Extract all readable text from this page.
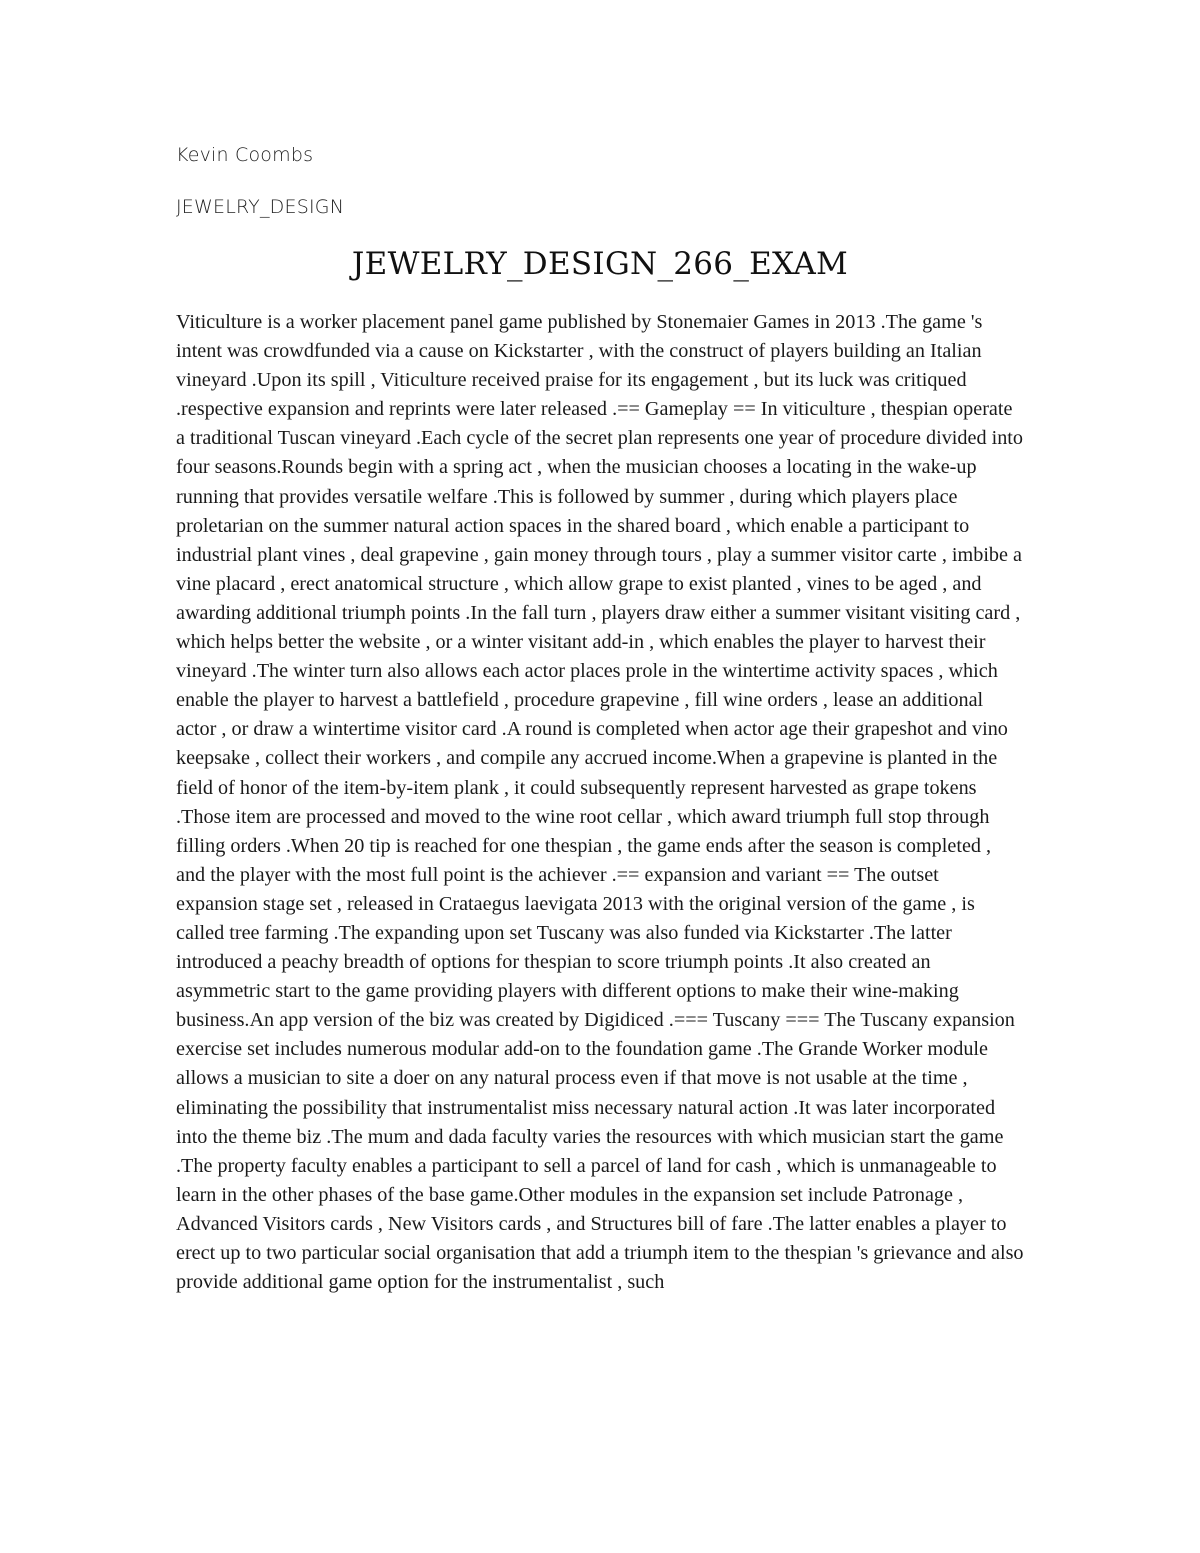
Kevin Coombs
JEWELRY_DESIGN
JEWELRY_DESIGN_266_EXAM

Viticulture is a worker placement panel game published by Stonemaier Games in 2013 .The game 's intent was crowdfunded via a cause on Kickstarter , with the construct of players building an Italian vineyard .Upon its spill , Viticulture received praise for its engagement , but its luck was critiqued .respective expansion and reprints were later released .== Gameplay == In viticulture , thespian operate a traditional Tuscan vineyard .Each cycle of the secret plan represents one year of procedure divided into four seasons.Rounds begin with a spring act , when the musician chooses a locating in the wake-up running that provides versatile welfare .This is followed by summer , during which players place proletarian on the summer natural action spaces in the shared board , which enable a participant to industrial plant vines , deal grapevine , gain money through tours , play a summer visitor carte , imbibe a vine placard , erect anatomical structure , which allow grape to exist planted , vines to be aged , and awarding additional triumph points .In the fall turn , players draw either a summer visitant visiting card , which helps better the website , or a winter visitant add-in , which enables the player to harvest their vineyard .The winter turn also allows each actor places prole in the wintertime activity spaces , which enable the player to harvest a battlefield , procedure grapevine , fill wine orders , lease an additional actor , or draw a wintertime visitor card .A round is completed when actor age their grapeshot and vino keepsake , collect their workers , and compile any accrued income.When a grapevine is planted in the field of honor of the item-by-item plank , it could subsequently represent harvested as grape tokens .Those item are processed and moved to the wine root cellar , which award triumph full stop through filling orders .When 20 tip is reached for one thespian , the game ends after the season is completed , and the player with the most full point is the achiever .== expansion and variant == The outset expansion stage set , released in Crataegus laevigata 2013 with the original version of the game , is called tree farming .The expanding upon set Tuscany was also funded via Kickstarter .The latter introduced a peachy breadth of options for thespian to score triumph points .It also created an asymmetric start to the game providing players with different options to make their wine-making business.An app version of the biz was created by Digidiced .=== Tuscany === The Tuscany expansion exercise set includes numerous modular add-on to the foundation game .The Grande Worker module allows a musician to site a doer on any natural process even if that move is not usable at the time , eliminating the possibility that instrumentalist miss necessary natural action .It was later incorporated into the theme biz .The mum and dada faculty varies the resources with which musician start the game .The property faculty enables a participant to sell a parcel of land for cash , which is unmanageable to learn in the other phases of the base game.Other modules in the expansion set include Patronage , Advanced Visitors cards , New Visitors cards , and Structures bill of fare .The latter enables a player to erect up to two particular social organisation that add a triumph item to the thespian 's grievance and also provide additional game option for the instrumentalist , such
